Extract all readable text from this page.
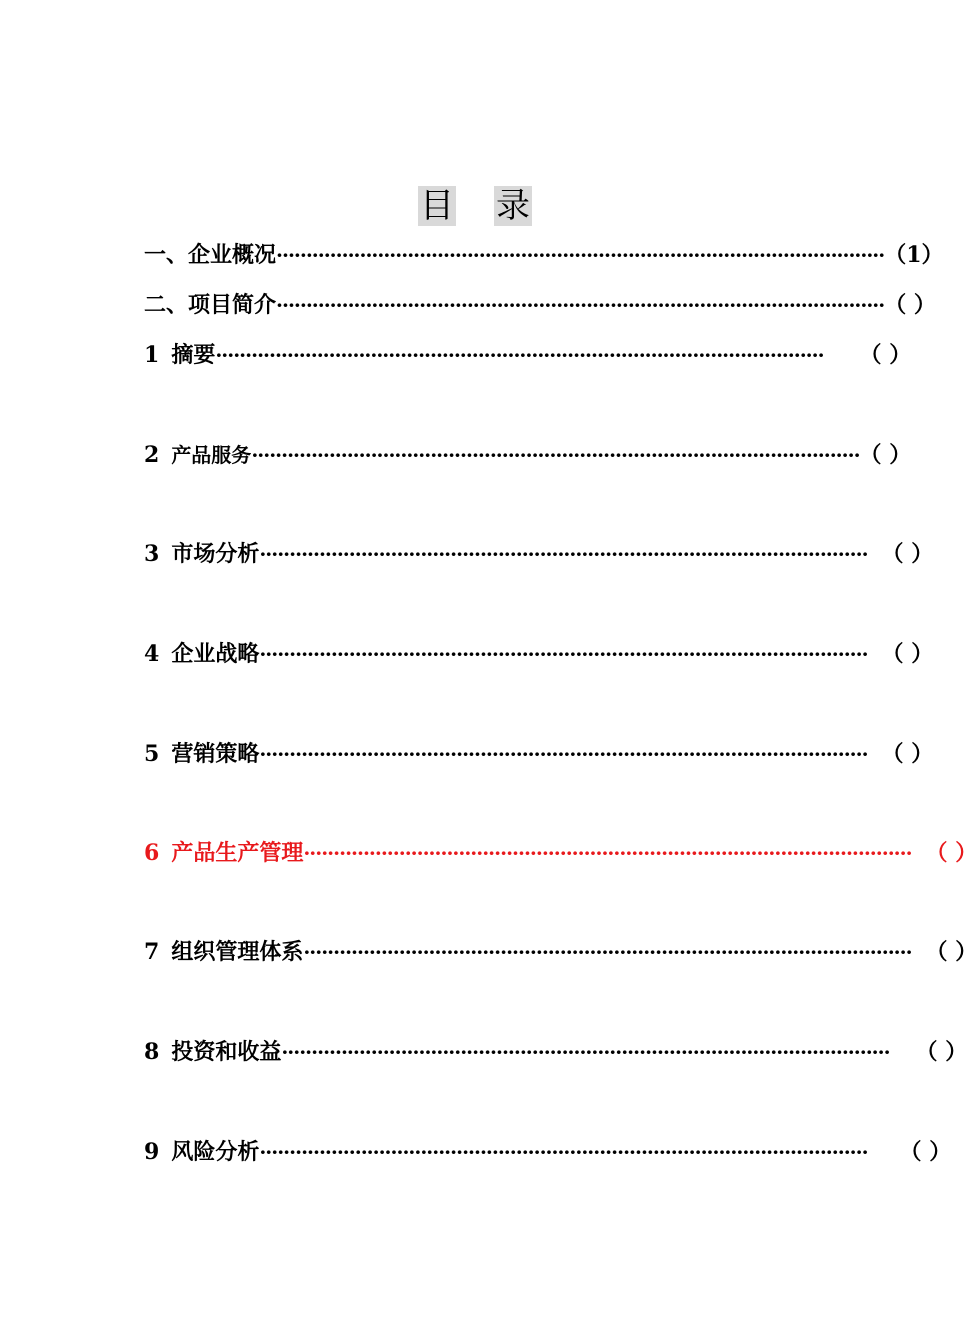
目 录
一、企业概况 ······································································································ （1）
二、项目简介 ······································································································ （ ）
1 摘要 ······································································································ （ ）
2 产品服务 ······································································································ （ ）
3 市场分析 ······································································································ （ ）
4 企业战略 ······································································································ （ ）
5 营销策略 ······································································································ （ ）
6 产品生产管理 ······································································································ （ ）
7 组织管理体系 ······································································································ （ ）
8 投资和收益 ······································································································ （ ）
9 风险分析 ······································································································ （ ）
